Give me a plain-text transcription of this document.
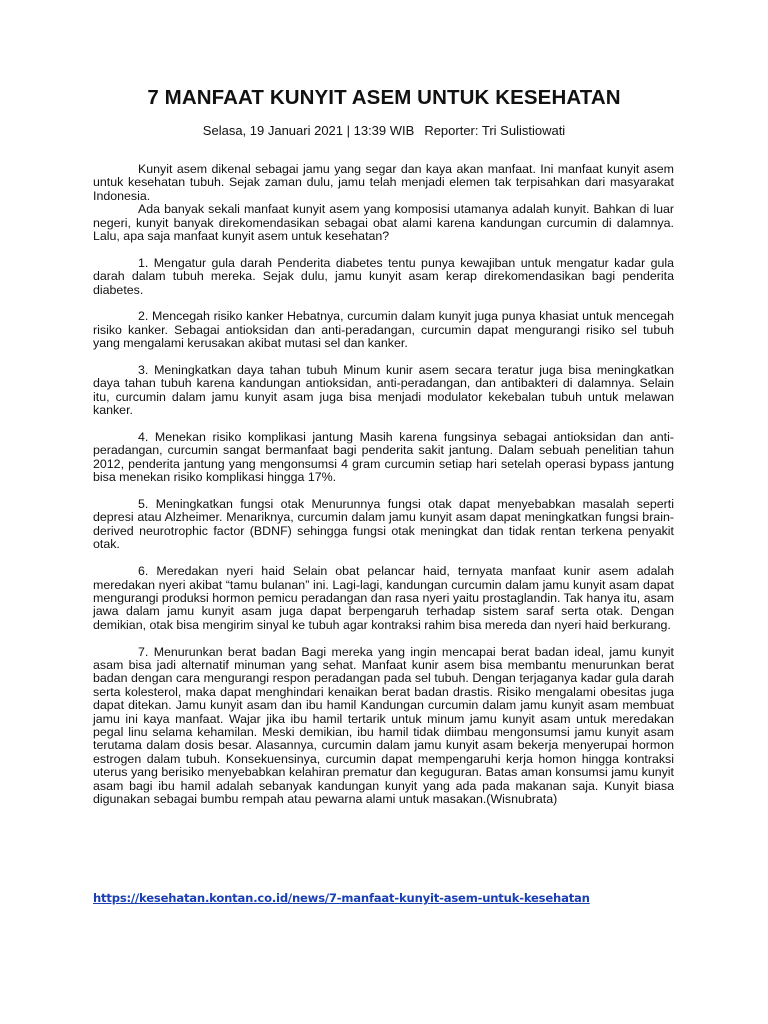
7 MANFAAT KUNYIT ASEM UNTUK KESEHATAN
Selasa, 19 Januari 2021 | 13:39 WIB Reporter: Tri Sulistiowati

Kunyit asem dikenal sebagai jamu yang segar dan kaya akan manfaat. Ini manfaat kunyit asem untuk kesehatan tubuh. Sejak zaman dulu, jamu telah menjadi elemen tak terpisahkan dari masyarakat Indonesia.

Ada banyak sekali manfaat kunyit asem yang komposisi utamanya adalah kunyit. Bahkan di luar negeri, kunyit banyak direkomendasikan sebagai obat alami karena kandungan curcumin di dalamnya. Lalu, apa saja manfaat kunyit asem untuk kesehatan?

1. Mengatur gula darah Penderita diabetes tentu punya kewajiban untuk mengatur kadar gula darah dalam tubuh mereka. Sejak dulu, jamu kunyit asam kerap direkomendasikan bagi penderita diabetes.

2. Mencegah risiko kanker Hebatnya, curcumin dalam kunyit juga punya khasiat untuk mencegah risiko kanker. Sebagai antioksidan dan anti-peradangan, curcumin dapat mengurangi risiko sel tubuh yang mengalami kerusakan akibat mutasi sel dan kanker.

3. Meningkatkan daya tahan tubuh Minum kunir asem secara teratur juga bisa meningkatkan daya tahan tubuh karena kandungan antioksidan, anti-peradangan, dan antibakteri di dalamnya. Selain itu, curcumin dalam jamu kunyit asam juga bisa menjadi modulator kekebalan tubuh untuk melawan kanker.

4. Menekan risiko komplikasi jantung Masih karena fungsinya sebagai antioksidan dan anti-peradangan, curcumin sangat bermanfaat bagi penderita sakit jantung. Dalam sebuah penelitian tahun 2012, penderita jantung yang mengonsumsi 4 gram curcumin setiap hari setelah operasi bypass jantung bisa menekan risiko komplikasi hingga 17%.

5. Meningkatkan fungsi otak Menurunnya fungsi otak dapat menyebabkan masalah seperti depresi atau Alzheimer. Menariknya, curcumin dalam jamu kunyit asam dapat meningkatkan fungsi brain-derived neurotrophic factor (BDNF) sehingga fungsi otak meningkat dan tidak rentan terkena penyakit otak.

6. Meredakan nyeri haid Selain obat pelancar haid, ternyata manfaat kunir asem adalah meredakan nyeri akibat “tamu bulanan” ini. Lagi-lagi, kandungan curcumin dalam jamu kunyit asam dapat mengurangi produksi hormon pemicu peradangan dan rasa nyeri yaitu prostaglandin. Tak hanya itu, asam jawa dalam jamu kunyit asam juga dapat berpengaruh terhadap sistem saraf serta otak. Dengan demikian, otak bisa mengirim sinyal ke tubuh agar kontraksi rahim bisa mereda dan nyeri haid berkurang.

7. Menurunkan berat badan Bagi mereka yang ingin mencapai berat badan ideal, jamu kunyit asam bisa jadi alternatif minuman yang sehat. Manfaat kunir asem bisa membantu menurunkan berat badan dengan cara mengurangi respon peradangan pada sel tubuh. Dengan terjaganya kadar gula darah serta kolesterol, maka dapat menghindari kenaikan berat badan drastis. Risiko mengalami obesitas juga dapat ditekan. Jamu kunyit asam dan ibu hamil Kandungan curcumin dalam jamu kunyit asam membuat jamu ini kaya manfaat. Wajar jika ibu hamil tertarik untuk minum jamu kunyit asam untuk meredakan pegal linu selama kehamilan. Meski demikian, ibu hamil tidak diimbau mengonsumsi jamu kunyit asam terutama dalam dosis besar. Alasannya, curcumin dalam jamu kunyit asam bekerja menyerupai hormon estrogen dalam tubuh. Konsekuensinya, curcumin dapat mempengaruhi kerja homon hingga kontraksi uterus yang berisiko menyebabkan kelahiran prematur dan keguguran. Batas aman konsumsi jamu kunyit asam bagi ibu hamil adalah sebanyak kandungan kunyit yang ada pada makanan saja. Kunyit biasa digunakan sebagai bumbu rempah atau pewarna alami untuk masakan.(Wisnubrata)

https://kesehatan.kontan.co.id/news/7-manfaat-kunyit-asem-untuk-kesehatan
